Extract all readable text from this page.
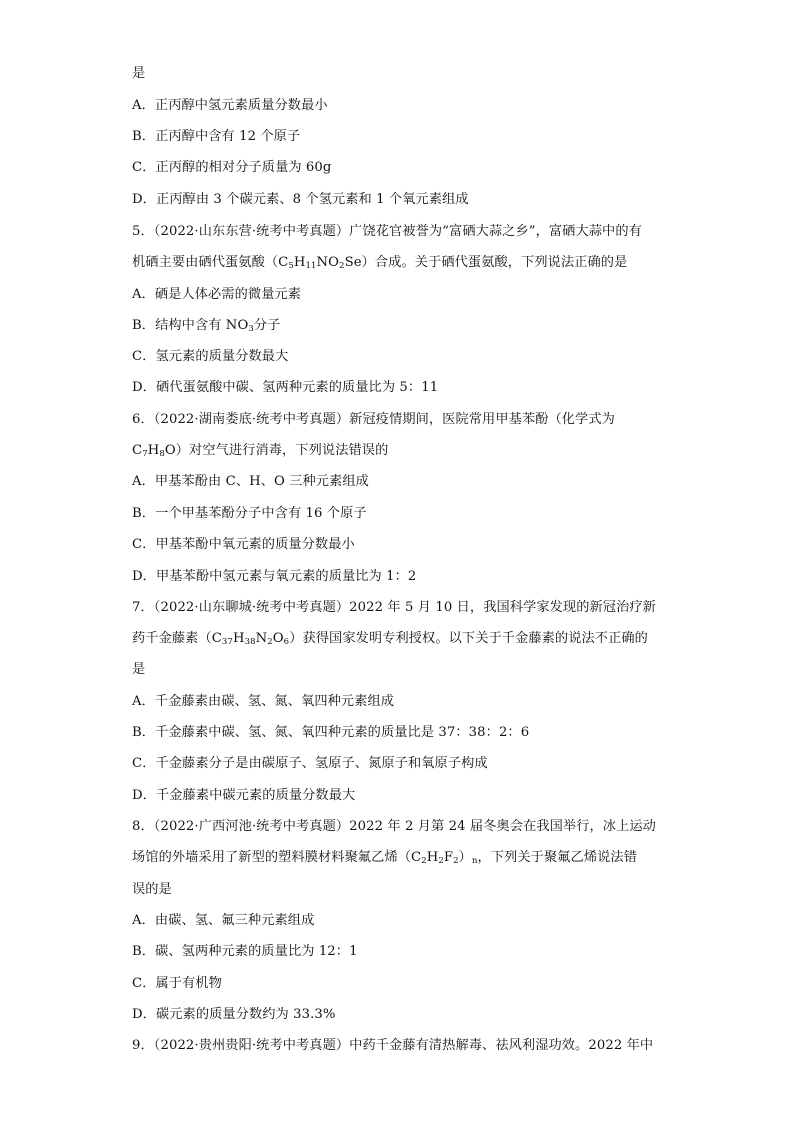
是
A．正丙醇中氢元素质量分数最小
B．正丙醇中含有 12 个原子
C．正丙醇的相对分子质量为 60g
D．正丙醇由 3 个碳元素、8 个氢元素和 1 个氧元素组成
5．（2022·山东东营·统考中考真题）广饶花官被誉为“富硒大蒜之乡”，富硒大蒜中的有
机硒主要由硒代蛋氨酸$(C_5H_{11}NO_2Se)$合成。关于硒代蛋氨酸，下列说法正确的是
A．硒是人体必需的微量元素
B．结构中含有 $NO_3$分子
C．氢元素的质量分数最大
D．硒代蛋氨酸中碳、氢两种元素的质量比为 5：11
6．（2022·湖南娄底·统考中考真题）新冠疫情期间，医院常用甲基苯酚（化学式为
$C_7H_8O$）对空气进行消毒，下列说法错误的
A．甲基苯酚由 C、H、O 三种元素组成
B．一个甲基苯酚分子中含有 16 个原子
C．甲基苯酚中氧元素的质量分数最小
D．甲基苯酚中氢元素与氧元素的质量比为 1：2
7．（2022·山东聊城·统考中考真题）2022 年 5 月 10 日，我国科学家发现的新冠治疗新
药千金藤素$(C_{37}H_{38}N_2O_6)$获得国家发明专利授权。以下关于千金藤素的说法不正确的
是
A．千金藤素由碳、氢、氮、氧四种元素组成
B．千金藤素中碳、氢、氮、氧四种元素的质量比是 37：38：2：6
C．千金藤素分子是由碳原子、氢原子、氮原子和氧原子构成
D．千金藤素中碳元素的质量分数最大
8．（2022·广西河池·统考中考真题）2022 年 2 月第 24 届冬奥会在我国举行，冰上运动
场馆的外墙采用了新型的塑料膜材料聚氟乙烯$(C_2H_2F_2)_n$，下列关于聚氟乙烯说法错
误的是
A．由碳、氢、氟三种元素组成
B．碳、氢两种元素的质量比为 12：1
C．属于有机物
D．碳元素的质量分数约为 33.3%
9．（2022·贵州贵阳·统考中考真题）中药千金藤有清热解毒、祛风利湿功效。2022 年中
